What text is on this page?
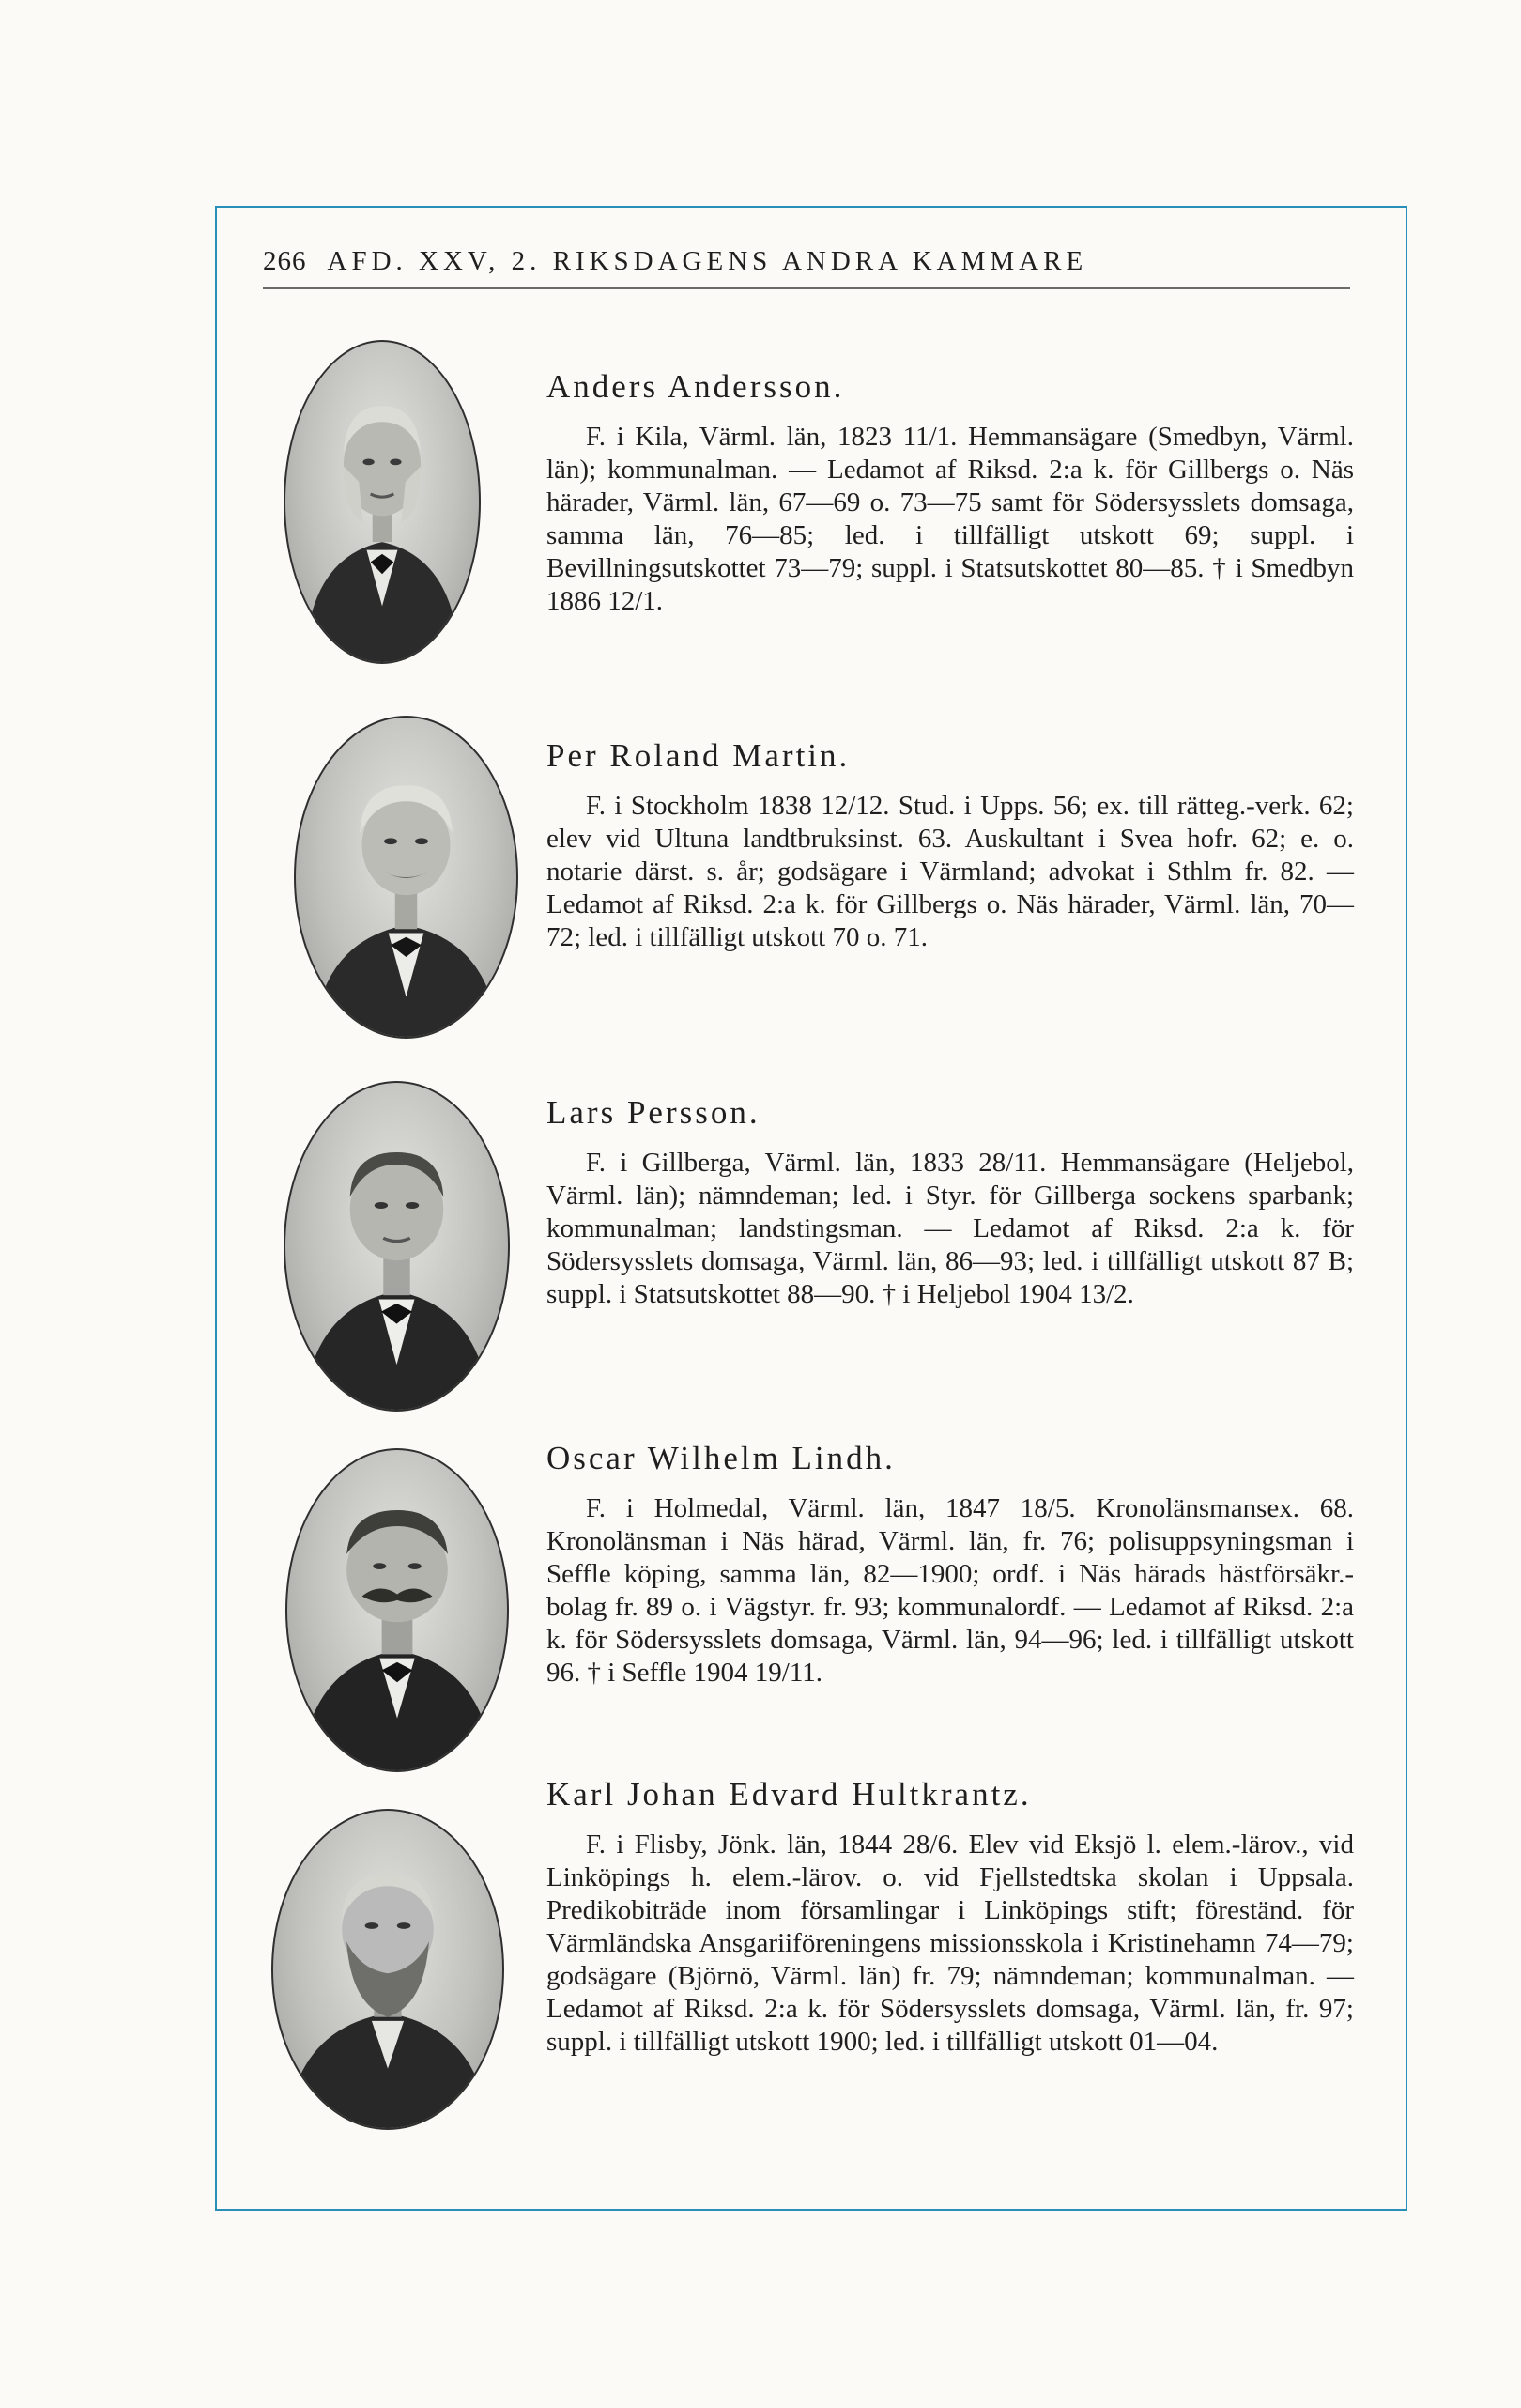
266 AFD. XXV, 2. RIKSDAGENS ANDRA KAMMARE
Anders Andersson.
F. i Kila, Värml. län, 1823 11/1. Hemmansägare (Smedbyn, Värml. län); kommunalman. — Ledamot af Riksd. 2:a k. för Gillbergs o. Näs härader, Värml. län, 67—69 o. 73—75 samt för Södersysslets domsaga, samma län, 76—85; led. i tillfälligt utskott 69; suppl. i Bevillningsutskottet 73—79; suppl. i Statsutskottet 80—85. † i Smedbyn 1886 12/1.
Per Roland Martin.
F. i Stockholm 1838 12/12. Stud. i Upps. 56; ex. till rätteg.-verk. 62; elev vid Ultuna landtbruksinst. 63. Auskultant i Svea hofr. 62; e. o. notarie därst. s. år; godsägare i Värmland; advokat i Sthlm fr. 82. — Ledamot af Riksd. 2:a k. för Gillbergs o. Näs härader, Värml. län, 70—72; led. i tillfälligt utskott 70 o. 71.
Lars Persson.
F. i Gillberga, Värml. län, 1833 28/11. Hemmansägare (Heljebol, Värml. län); nämndeman; led. i Styr. för Gillberga sockens sparbank; kommunalman; landstingsman. — Ledamot af Riksd. 2:a k. för Södersysslets domsaga, Värml. län, 86—93; led. i tillfälligt utskott 87 B; suppl. i Statsutskottet 88—90. † i Heljebol 1904 13/2.
Oscar Wilhelm Lindh.
F. i Holmedal, Värml. län, 1847 18/5. Kronolänsmansex. 68. Kronolänsman i Näs härad, Värml. län, fr. 76; polisuppsyningsman i Seffle köping, samma län, 82—1900; ordf. i Näs härads hästförsäkr.-bolag fr. 89 o. i Vägstyr. fr. 93; kommunalordf. — Ledamot af Riksd. 2:a k. för Södersysslets domsaga, Värml. län, 94—96; led. i tillfälligt utskott 96. † i Seffle 1904 19/11.
Karl Johan Edvard Hultkrantz.
F. i Flisby, Jönk. län, 1844 28/6. Elev vid Eksjö l. elem.-lärov., vid Linköpings h. elem.-lärov. o. vid Fjellstedtska skolan i Uppsala. Predikobiträde inom församlingar i Linköpings stift; föreständ. för Värmländska Ansgariiföreningens missionsskola i Kristinehamn 74—79; godsägare (Björnö, Värml. län) fr. 79; nämndeman; kommunalman. — Ledamot af Riksd. 2:a k. för Södersysslets domsaga, Värml. län, fr. 97; suppl. i tillfälligt utskott 1900; led. i tillfälligt utskott 01—04.
